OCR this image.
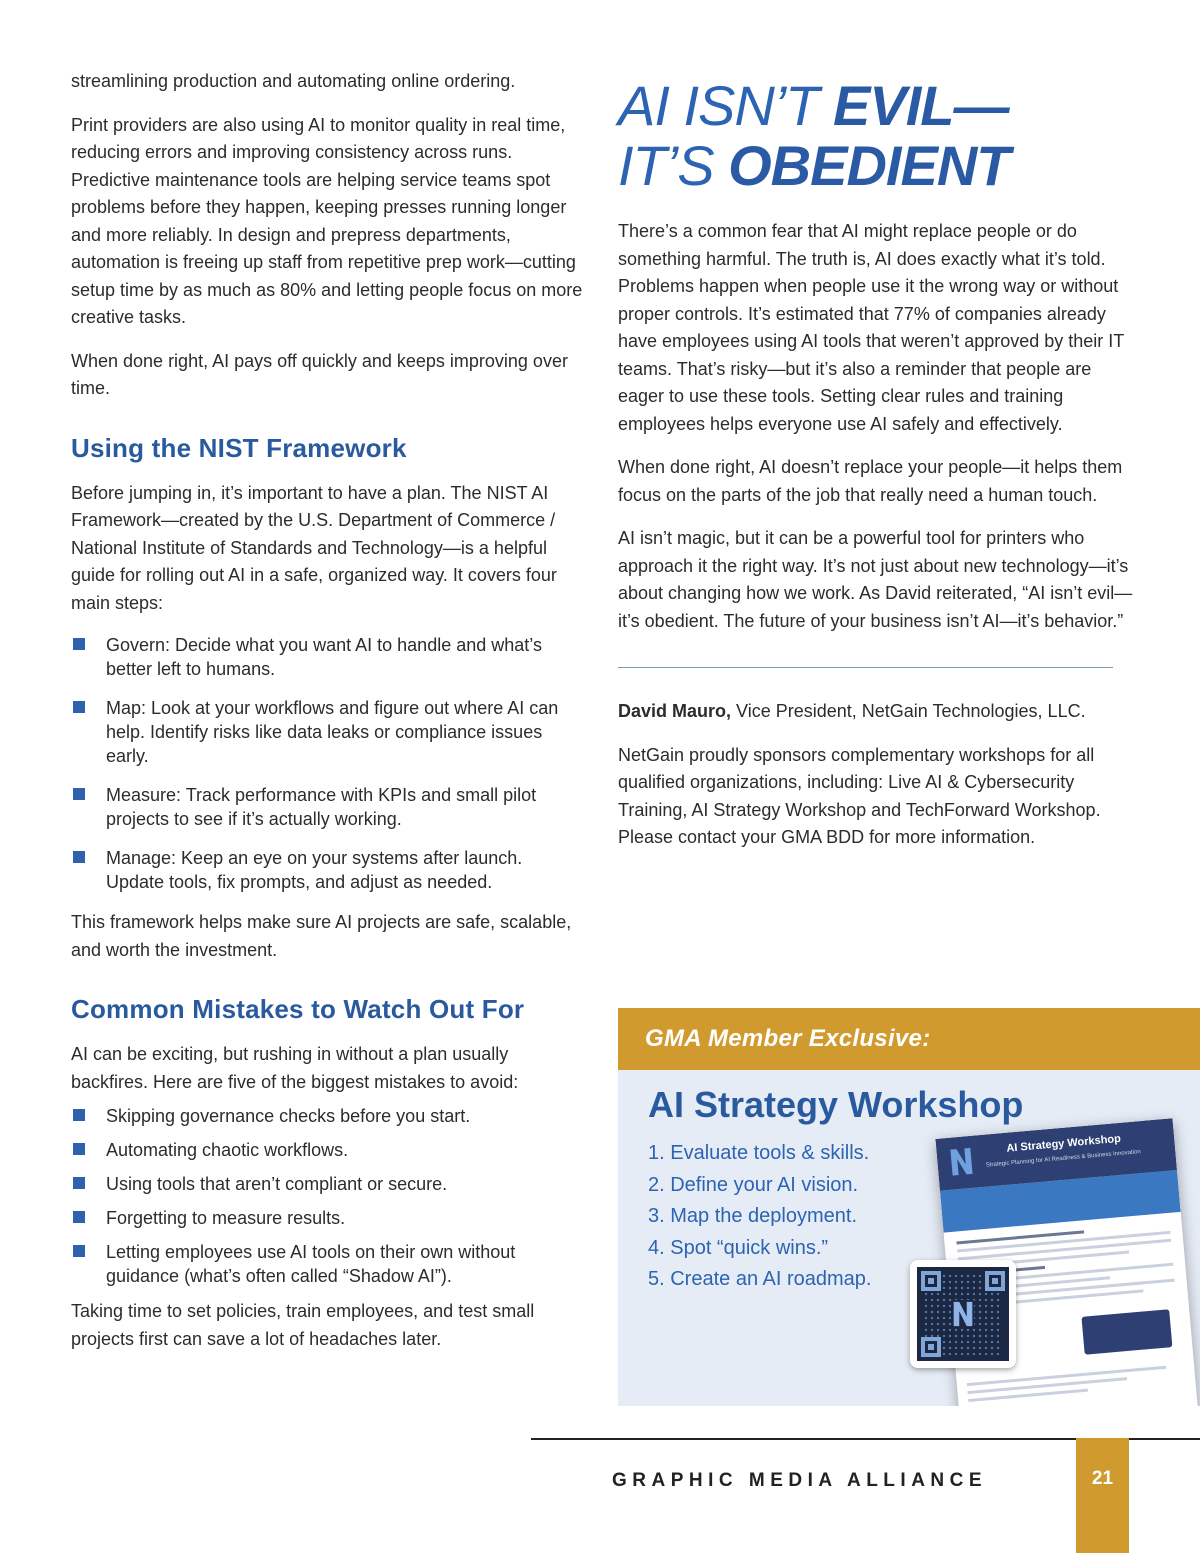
streamlining production and automating online ordering.

Print providers are also using AI to monitor quality in real time, reducing errors and improving consistency across runs. Predictive maintenance tools are helping service teams spot problems before they happen, keeping presses running longer and more reliably. In design and prepress departments, automation is freeing up staff from repetitive prep work—cutting setup time by as much as 80% and letting people focus on more creative tasks.

When done right, AI pays off quickly and keeps improving over time.

Using the NIST Framework

Before jumping in, it’s important to have a plan. The NIST AI Framework—created by the U.S. Department of Commerce / National Institute of Standards and Technology—is a helpful guide for rolling out AI in a safe, organized way. It covers four main steps:

Govern: Decide what you want AI to handle and what’s better left to humans.
Map: Look at your workflows and figure out where AI can help. Identify risks like data leaks or compliance issues early.
Measure: Track performance with KPIs and small pilot projects to see if it’s actually working.
Manage: Keep an eye on your systems after launch. Update tools, fix prompts, and adjust as needed.

This framework helps make sure AI projects are safe, scalable, and worth the investment.

Common Mistakes to Watch Out For

AI can be exciting, but rushing in without a plan usually backfires. Here are five of the biggest mistakes to avoid:

Skipping governance checks before you start.
Automating chaotic workflows.
Using tools that aren’t compliant or secure.
Forgetting to measure results.
Letting employees use AI tools on their own without guidance (what’s often called “Shadow AI”).

Taking time to set policies, train employees, and test small projects first can save a lot of headaches later.

AI ISN’T EVIL—
IT’S OBEDIENT

There’s a common fear that AI might replace people or do something harmful. The truth is, AI does exactly what it’s told. Problems happen when people use it the wrong way or without proper controls. It’s estimated that 77% of companies already have employees using AI tools that weren’t approved by their IT teams. That’s risky—but it’s also a reminder that people are eager to use these tools. Setting clear rules and training employees helps everyone use AI safely and effectively.

When done right, AI doesn’t replace your people—it helps them focus on the parts of the job that really need a human touch.

AI isn’t magic, but it can be a powerful tool for printers who approach it the right way. It’s not just about new technology—it’s about changing how we work. As David reiterated, “AI isn’t evil—it’s obedient. The future of your business isn’t AI—it’s behavior.”

David Mauro, Vice President, NetGain Technologies, LLC.

NetGain proudly sponsors complementary workshops for all qualified organizations, including: Live AI & Cybersecurity Training, AI Strategy Workshop and TechForward Workshop. Please contact your GMA BDD for more information.

GMA Member Exclusive:
AI Strategy Workshop
1. Evaluate tools & skills.
2. Define your AI vision.
3. Map the deployment.
4. Spot “quick wins.”
5. Create an AI roadmap.
AI Strategy Workshop
Strategic Planning for AI Readiness & Business Innovation
GRAPHIC MEDIA ALLIANCE	21
